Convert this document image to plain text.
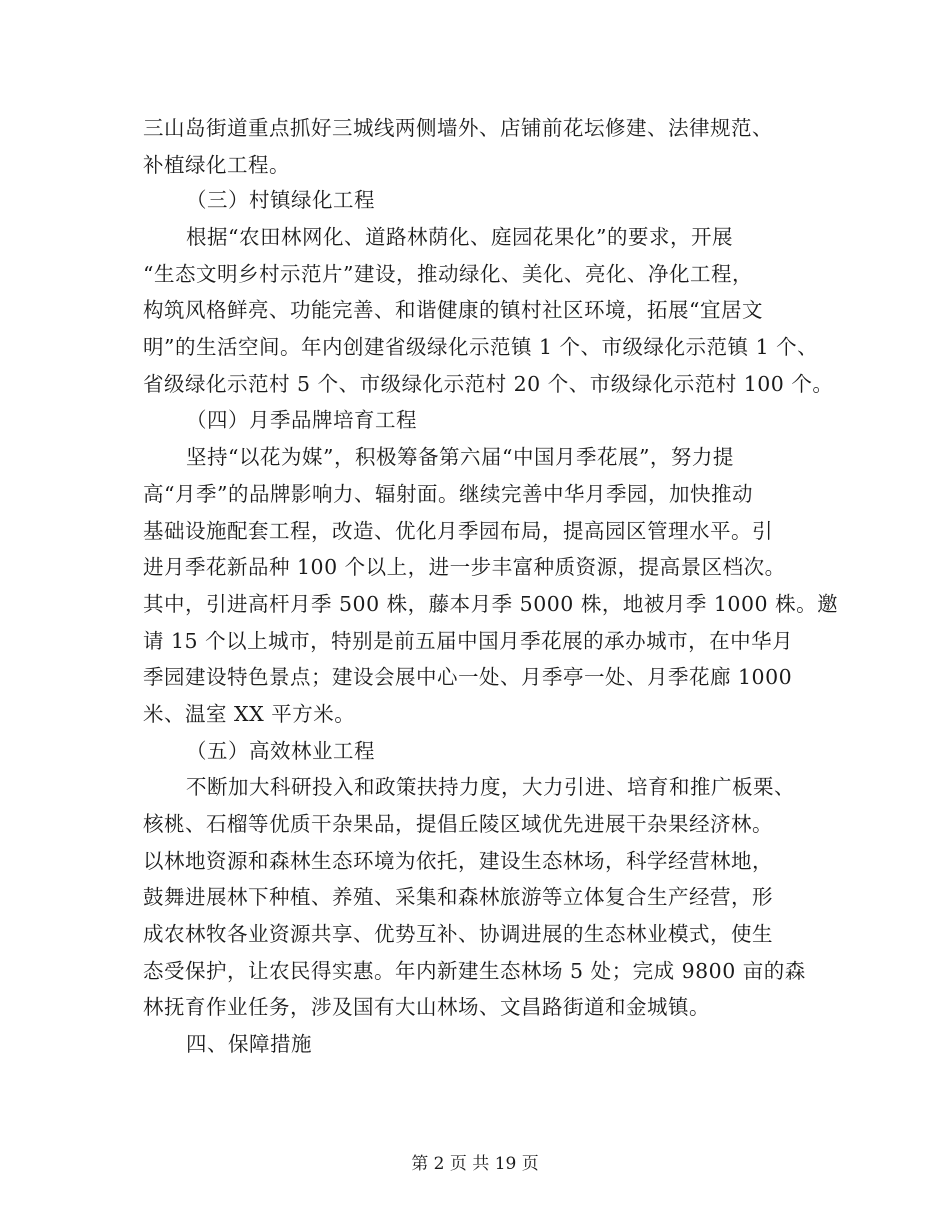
三山岛街道重点抓好三城线两侧墙外、店铺前花坛修建、法律规范、
补植绿化工程。
（三）村镇绿化工程
根据“农田林网化、道路林荫化、庭园花果化”的要求，开展
“生态文明乡村示范片”建设，推动绿化、美化、亮化、净化工程，
构筑风格鲜亮、功能完善、和谐健康的镇村社区环境，拓展“宜居文
明”的生活空间。年内创建省级绿化示范镇 1 个、市级绿化示范镇 1 个、
省级绿化示范村 5 个、市级绿化示范村 20 个、市级绿化示范村 100 个。
（四）月季品牌培育工程
坚持“以花为媒”，积极筹备第六届“中国月季花展”，努力提
高“月季”的品牌影响力、辐射面。继续完善中华月季园，加快推动
基础设施配套工程，改造、优化月季园布局，提高园区管理水平。引
进月季花新品种 100 个以上，进一步丰富种质资源，提高景区档次。
其中，引进高杆月季 500 株，藤本月季 5000 株，地被月季 1000 株。邀
请 15 个以上城市，特别是前五届中国月季花展的承办城市，在中华月
季园建设特色景点；建设会展中心一处、月季亭一处、月季花廊 1000
米、温室 XX 平方米。
（五）高效林业工程
不断加大科研投入和政策扶持力度，大力引进、培育和推广板栗、
核桃、石榴等优质干杂果品，提倡丘陵区域优先进展干杂果经济林。
以林地资源和森林生态环境为依托，建设生态林场，科学经营林地，
鼓舞进展林下种植、养殖、采集和森林旅游等立体复合生产经营，形
成农林牧各业资源共享、优势互补、协调进展的生态林业模式，使生
态受保护，让农民得实惠。年内新建生态林场 5 处；完成 9800 亩的森
林抚育作业任务，涉及国有大山林场、文昌路街道和金城镇。
四、保障措施
第 2 页 共 19 页
